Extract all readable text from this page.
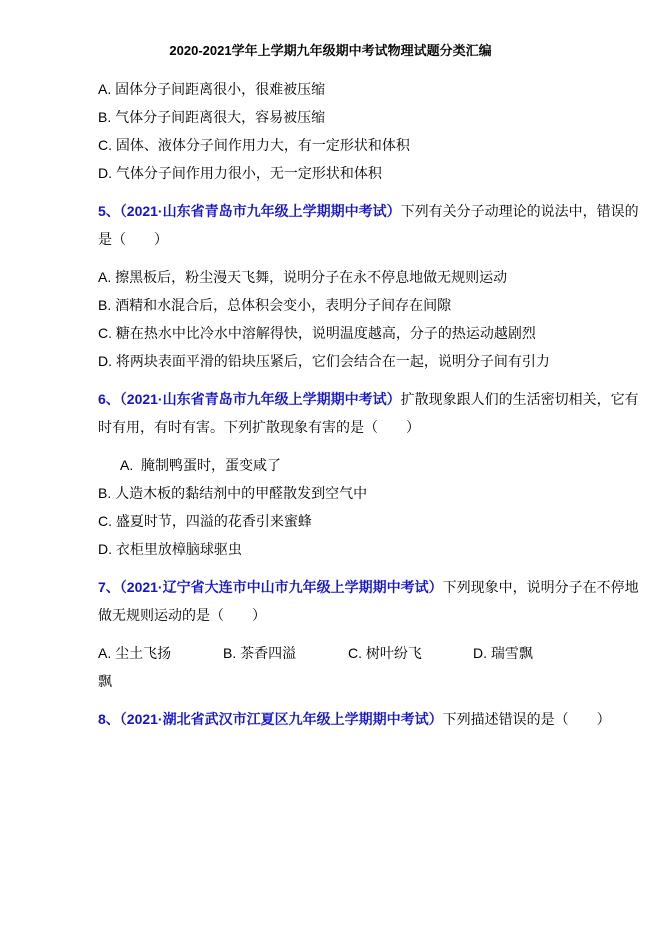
2020-2021学年上学期九年级期中考试物理试题分类汇编
A. 固体分子间距离很小，很难被压缩
B. 气体分子间距离很大，容易被压缩
C. 固体、液体分子间作用力大，有一定形状和体积
D. 气体分子间作用力很小，无一定形状和体积
5、（2021·山东省青岛市九年级上学期期中考试）下列有关分子动理论的说法中，错误的
是（　　）
A. 擦黑板后，粉尘漫天飞舞，说明分子在永不停息地做无规则运动
B. 酒精和水混合后，总体积会变小，表明分子间存在间隙
C. 糖在热水中比冷水中溶解得快，说明温度越高，分子的热运动越剧烈
D. 将两块表面平滑的铅块压紧后，它们会结合在一起，说明分子间有引力
6、（2021·山东省青岛市九年级上学期期中考试）扩散现象跟人们的生活密切相关，它有
时有用，有时有害。下列扩散现象有害的是（　　）
A.  腌制鸭蛋时，蛋变咸了
B. 人造木板的黏结剂中的甲醛散发到空气中
C. 盛夏时节，四溢的花香引来蜜蜂
D. 衣柜里放樟脑球驱虫
7、（2021·辽宁省大连市中山市九年级上学期期中考试）下列现象中，说明分子在不停地
做无规则运动的是（　　）
A. 尘土飞扬	B. 茶香四溢	C. 树叶纷飞	D. 瑞雪飘
飘
8、（2021·湖北省武汉市江夏区九年级上学期期中考试）下列描述错误的是（　　）
